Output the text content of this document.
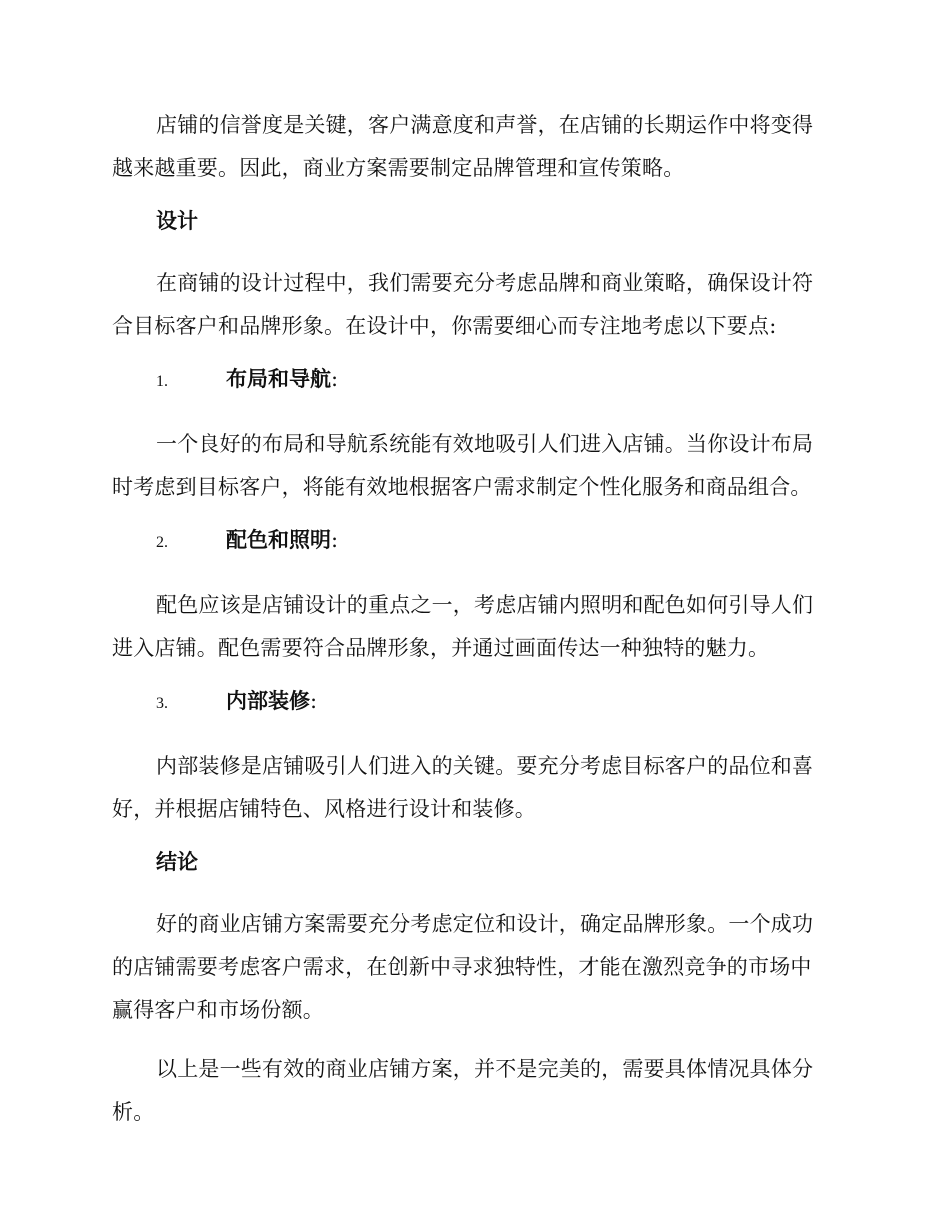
店铺的信誉度是关键，客户满意度和声誉，在店铺的长期运作中将变得越来越重要。因此，商业方案需要制定品牌管理和宣传策略。

设计

在商铺的设计过程中，我们需要充分考虑品牌和商业策略，确保设计符合目标客户和品牌形象。在设计中，你需要细心而专注地考虑以下要点:

1.	布局和导航:

一个良好的布局和导航系统能有效地吸引人们进入店铺。当你设计布局时考虑到目标客户，将能有效地根据客户需求制定个性化服务和商品组合。

2.	配色和照明:

配色应该是店铺设计的重点之一，考虑店铺内照明和配色如何引导人们进入店铺。配色需要符合品牌形象，并通过画面传达一种独特的魅力。

3.	内部装修:

内部装修是店铺吸引人们进入的关键。要充分考虑目标客户的品位和喜好，并根据店铺特色、风格进行设计和装修。

结论

好的商业店铺方案需要充分考虑定位和设计，确定品牌形象。一个成功的店铺需要考虑客户需求，在创新中寻求独特性，才能在激烈竞争的市场中赢得客户和市场份额。

以上是一些有效的商业店铺方案，并不是完美的，需要具体情况具体分析。
